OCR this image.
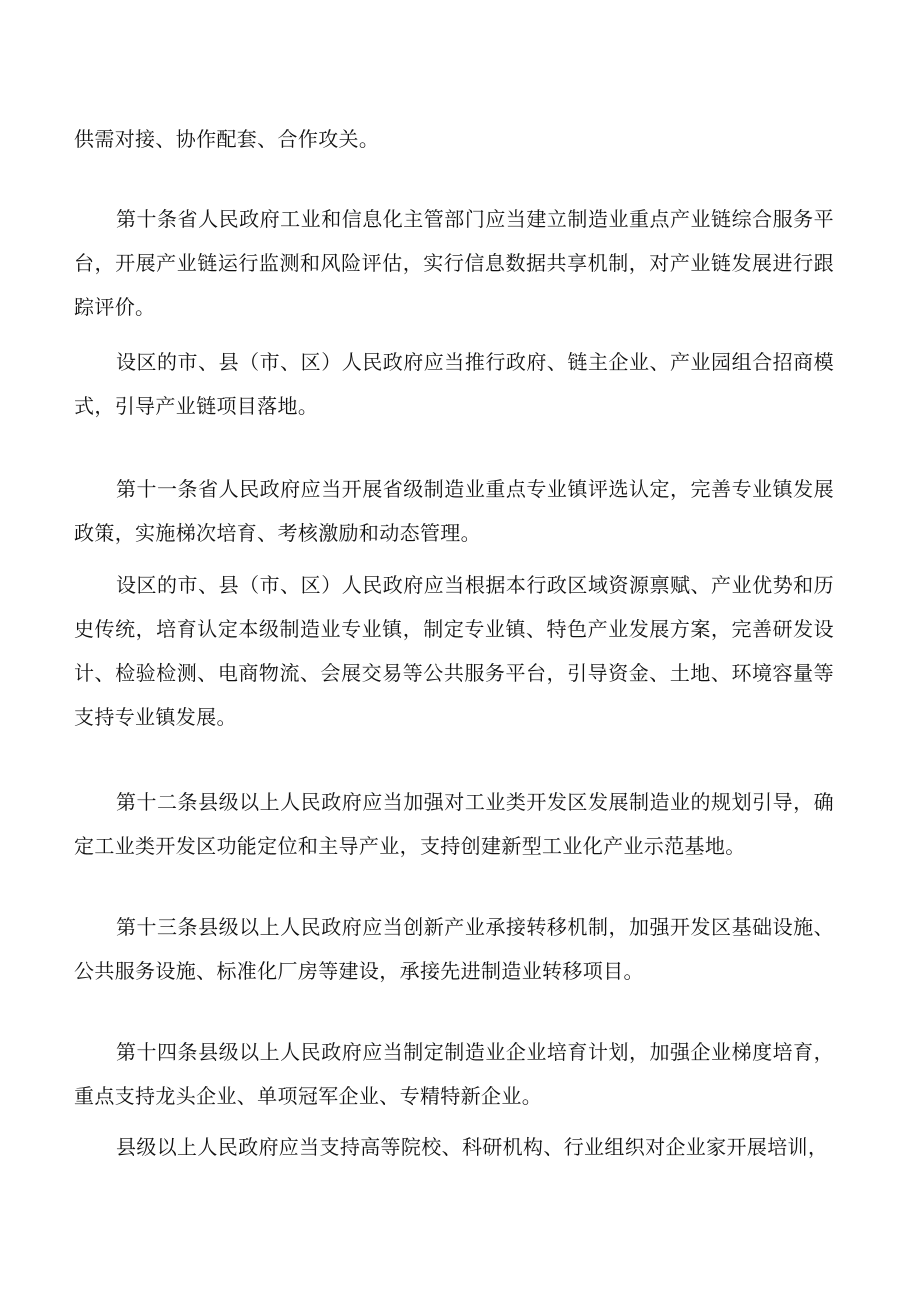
供需对接、协作配套、合作攻关。

第十条省人民政府工业和信息化主管部门应当建立制造业重点产业链综合服务平台，开展产业链运行监测和风险评估，实行信息数据共享机制，对产业链发展进行跟踪评价。

设区的市、县（市、区）人民政府应当推行政府、链主企业、产业园组合招商模式，引导产业链项目落地。

第十一条省人民政府应当开展省级制造业重点专业镇评选认定，完善专业镇发展政策，实施梯次培育、考核激励和动态管理。

设区的市、县（市、区）人民政府应当根据本行政区域资源禀赋、产业优势和历史传统，培育认定本级制造业专业镇，制定专业镇、特色产业发展方案，完善研发设计、检验检测、电商物流、会展交易等公共服务平台，引导资金、土地、环境容量等支持专业镇发展。

第十二条县级以上人民政府应当加强对工业类开发区发展制造业的规划引导，确定工业类开发区功能定位和主导产业，支持创建新型工业化产业示范基地。

第十三条县级以上人民政府应当创新产业承接转移机制，加强开发区基础设施、公共服务设施、标准化厂房等建设，承接先进制造业转移项目。

第十四条县级以上人民政府应当制定制造业企业培育计划，加强企业梯度培育，重点支持龙头企业、单项冠军企业、专精特新企业。

县级以上人民政府应当支持高等院校、科研机构、行业组织对企业家开展培训，
